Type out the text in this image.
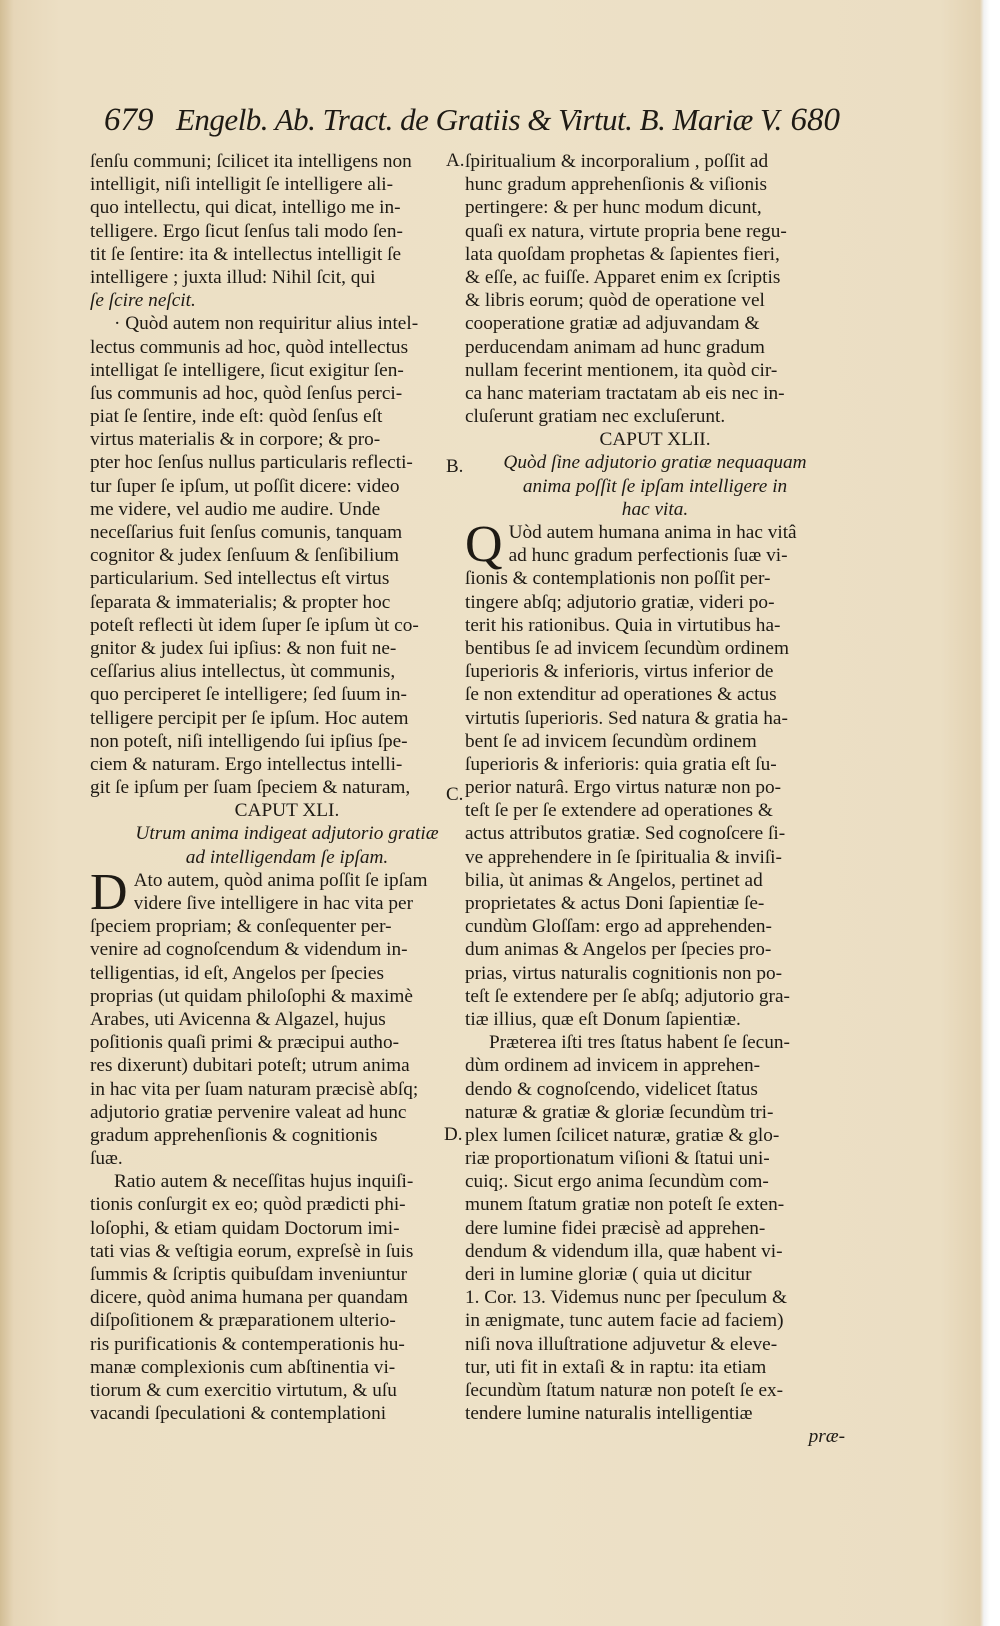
679 Engelb. Ab. Tract. de Gratiis & Virtut. B. Mariæ V. 680
ſenſu communi; ſcilicet ita intelligens non
intelligit, niſi intelligit ſe intelligere ali-
quo intellectu, qui dicat, intelligo me in-
telligere. Ergo ſicut ſenſus tali modo ſen-
tit ſe ſentire: ita & intellectus intelligit ſe
intelligere ; juxta illud: Nihil ſcit, qui
ſe ſcire neſcit.
· Quòd autem non requiritur alius intel-
lectus communis ad hoc, quòd intellectus
intelligat ſe intelligere, ſicut exigitur ſen-
ſus communis ad hoc, quòd ſenſus perci-
piat ſe ſentire, inde eſt: quòd ſenſus eſt
virtus materialis & in corpore; & pro-
pter hoc ſenſus nullus particularis reflecti-
tur ſuper ſe ipſum, ut poſſit dicere: video
me videre, vel audio me audire. Unde
neceſſarius fuit ſenſus comunis, tanquam
cognitor & judex ſenſuum & ſenſibilium
particularium. Sed intellectus eſt virtus
ſeparata & immaterialis; & propter hoc
poteſt reflecti ùt idem ſuper ſe ipſum ùt co-
gnitor & judex ſui ipſius: & non fuit ne-
ceſſarius alius intellectus, ùt communis,
quo perciperet ſe intelligere; ſed ſuum in-
telligere percipit per ſe ipſum. Hoc autem
non poteſt, niſi intelligendo ſui ipſius ſpe-
ciem & naturam. Ergo intellectus intelli-
git ſe ipſum per ſuam ſpeciem & naturam,
CAPUT XLI.
Utrum anima indigeat adjutorio gratiæ
ad intelligendam ſe ipſam.
D Ato autem, quòd anima poſſit ſe ipſam
videre ſive intelligere in hac vita per
ſpeciem propriam; & conſequenter per-
venire ad cognoſcendum & videndum in-
telligentias, id eſt, Angelos per ſpecies
proprias (ut quidam philoſophi & maximè
Arabes, uti Avicenna & Algazel, hujus
poſitionis quaſi primi & præcipui autho-
res dixerunt) dubitari poteſt; utrum anima
in hac vita per ſuam naturam præcisè abſq;
adjutorio gratiæ pervenire valeat ad hunc
gradum apprehenſionis & cognitionis
ſuæ.
Ratio autem & neceſſitas hujus inquiſi-
tionis conſurgit ex eo; quòd prædicti phi-
loſophi, & etiam quidam Doctorum imi-
tati vias & veſtigia eorum, expreſsè in ſuis
ſummis & ſcriptis quibuſdam inveniuntur
dicere, quòd anima humana per quandam
diſpoſitionem & præparationem ulterio-
ris purificationis & contemperationis hu-
manæ complexionis cum abſtinentia vi-
tiorum & cum exercitio virtutum, & uſu
vacandi ſpeculationi & contemplationi
A.
B.
C.
D.
ſpiritualium & incorporalium , poſſit ad
hunc gradum apprehenſionis & viſionis
pertingere: & per hunc modum dicunt,
quaſi ex natura, virtute propria bene regu-
lata quoſdam prophetas & ſapientes fieri,
& eſſe, ac fuiſſe. Apparet enim ex ſcriptis
& libris eorum; quòd de operatione vel
cooperatione gratiæ ad adjuvandam &
perducendam animam ad hunc gradum
nullam fecerint mentionem, ita quòd cir-
ca hanc materiam tractatam ab eis nec in-
cluſerunt gratiam nec excluſerunt.
CAPUT XLII.
Quòd ſine adjutorio gratiæ nequaquam
anima poſſit ſe ipſam intelligere in
hac vita.
Q Uòd autem humana anima in hac vitâ
ad hunc gradum perfectionis ſuæ vi-
ſionis & contemplationis non poſſit per-
tingere abſq; adjutorio gratiæ, videri po-
terit his rationibus. Quia in virtutibus ha-
bentibus ſe ad invicem ſecundùm ordinem
ſuperioris & inferioris, virtus inferior de
ſe non extenditur ad operationes & actus
virtutis ſuperioris. Sed natura & gratia ha-
bent ſe ad invicem ſecundùm ordinem
ſuperioris & inferioris: quia gratia eſt ſu-
perior naturâ. Ergo virtus naturæ non po-
teſt ſe per ſe extendere ad operationes &
actus attributos gratiæ. Sed cognoſcere ſi-
ve apprehendere in ſe ſpiritualia & inviſi-
bilia, ùt animas & Angelos, pertinet ad
proprietates & actus Doni ſapientiæ ſe-
cundùm Gloſſam: ergo ad apprehenden-
dum animas & Angelos per ſpecies pro-
prias, virtus naturalis cognitionis non po-
teſt ſe extendere per ſe abſq; adjutorio gra-
tiæ illius, quæ eſt Donum ſapientiæ.
Præterea iſti tres ſtatus habent ſe ſecun-
dùm ordinem ad invicem in apprehen-
dendo & cognoſcendo, videlicet ſtatus
naturæ & gratiæ & gloriæ ſecundùm tri-
plex lumen ſcilicet naturæ, gratiæ & glo-
riæ proportionatum viſioni & ſtatui uni-
cuiq;. Sicut ergo anima ſecundùm com-
munem ſtatum gratiæ non poteſt ſe exten-
dere lumine fidei præcisè ad apprehen-
dendum & videndum illa, quæ habent vi-
deri in lumine gloriæ ( quia ut dicitur
1. Cor. 13. Videmus nunc per ſpeculum &
in ænigmate, tunc autem facie ad faciem)
niſi nova illuſtratione adjuvetur & eleve-
tur, uti fit in extaſi & in raptu: ita etiam
ſecundùm ſtatum naturæ non poteſt ſe ex-
tendere lumine naturalis intelligentiæ
præ-
